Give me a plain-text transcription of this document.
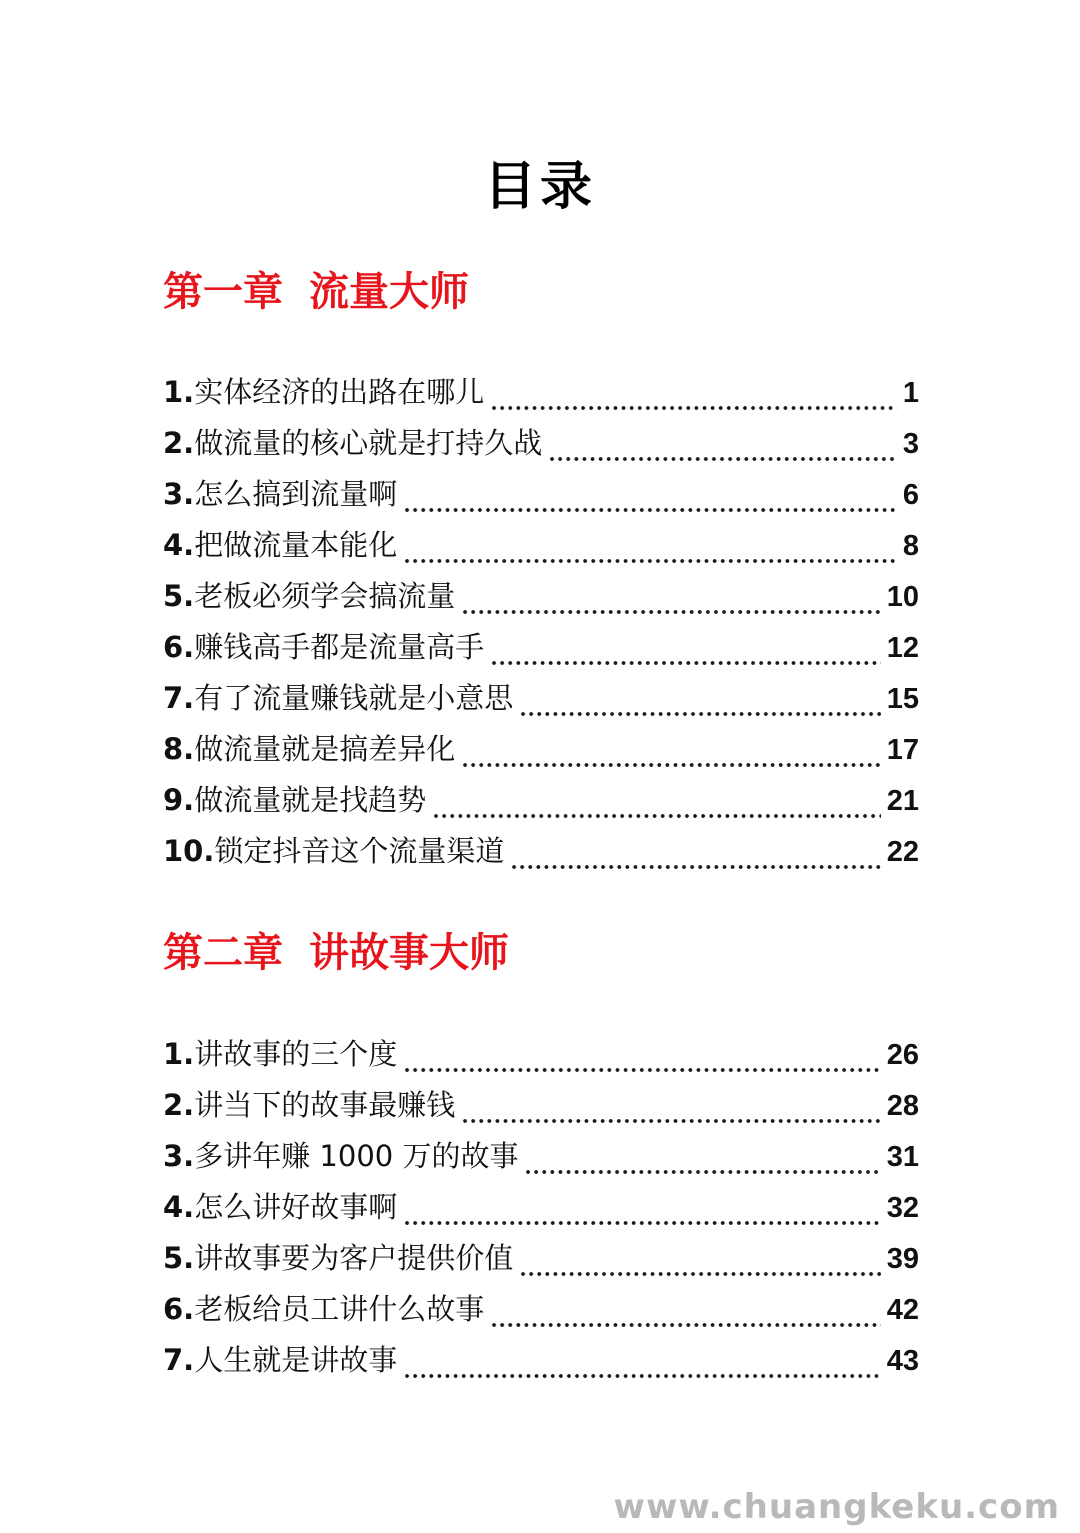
目录
第一章 流量大师
1.实体经济的出路在哪儿	1
2.做流量的核心就是打持久战	3
3.怎么搞到流量啊	6
4.把做流量本能化	8
5.老板必须学会搞流量	10
6.赚钱高手都是流量高手	12
7.有了流量赚钱就是小意思	15
8.做流量就是搞差异化	17
9.做流量就是找趋势	21
10.锁定抖音这个流量渠道	22
第二章 讲故事大师
1.讲故事的三个度	26
2.讲当下的故事最赚钱	28
3.多讲年赚 1000 万的故事	31
4.怎么讲好故事啊	32
5.讲故事要为客户提供价值	39
6.老板给员工讲什么故事	42
7.人生就是讲故事	43
www.chuangkeku.com
